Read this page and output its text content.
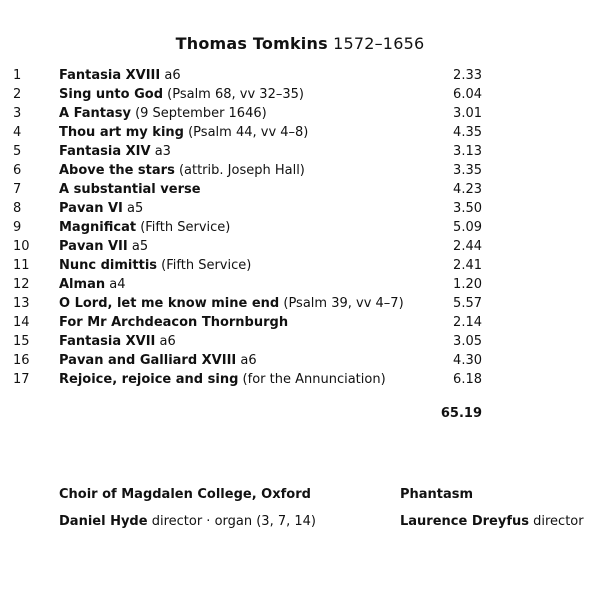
Thomas Tomkins 1572–1656
1	Fantasia XVIII a6	2.33
2	Sing unto God (Psalm 68, vv 32–35)	6.04
3	A Fantasy (9 September 1646)	3.01
4	Thou art my king (Psalm 44, vv 4–8)	4.35
5	Fantasia XIV a3	3.13
6	Above the stars (attrib. Joseph Hall)	3.35
7	A substantial verse	4.23
8	Pavan VI a5	3.50
9	Magnificat (Fifth Service)	5.09
10 Pavan VII a5	2.44
11 Nunc dimittis (Fifth Service)	2.41
12 Alman a4	1.20
13 O Lord, let me know mine end (Psalm 39, vv 4–7)	5.57
14 For Mr Archdeacon Thornburgh	2.14
15 Fantasia XVII a6	3.05
16 Pavan and Galliard XVIII a6	4.30
17 Rejoice, rejoice and sing (for the Annunciation)	6.18
65.19
Choir of Magdalen College, Oxford
Daniel Hyde director · organ (3, 7, 14)
Phantasm
Laurence Dreyfus director
